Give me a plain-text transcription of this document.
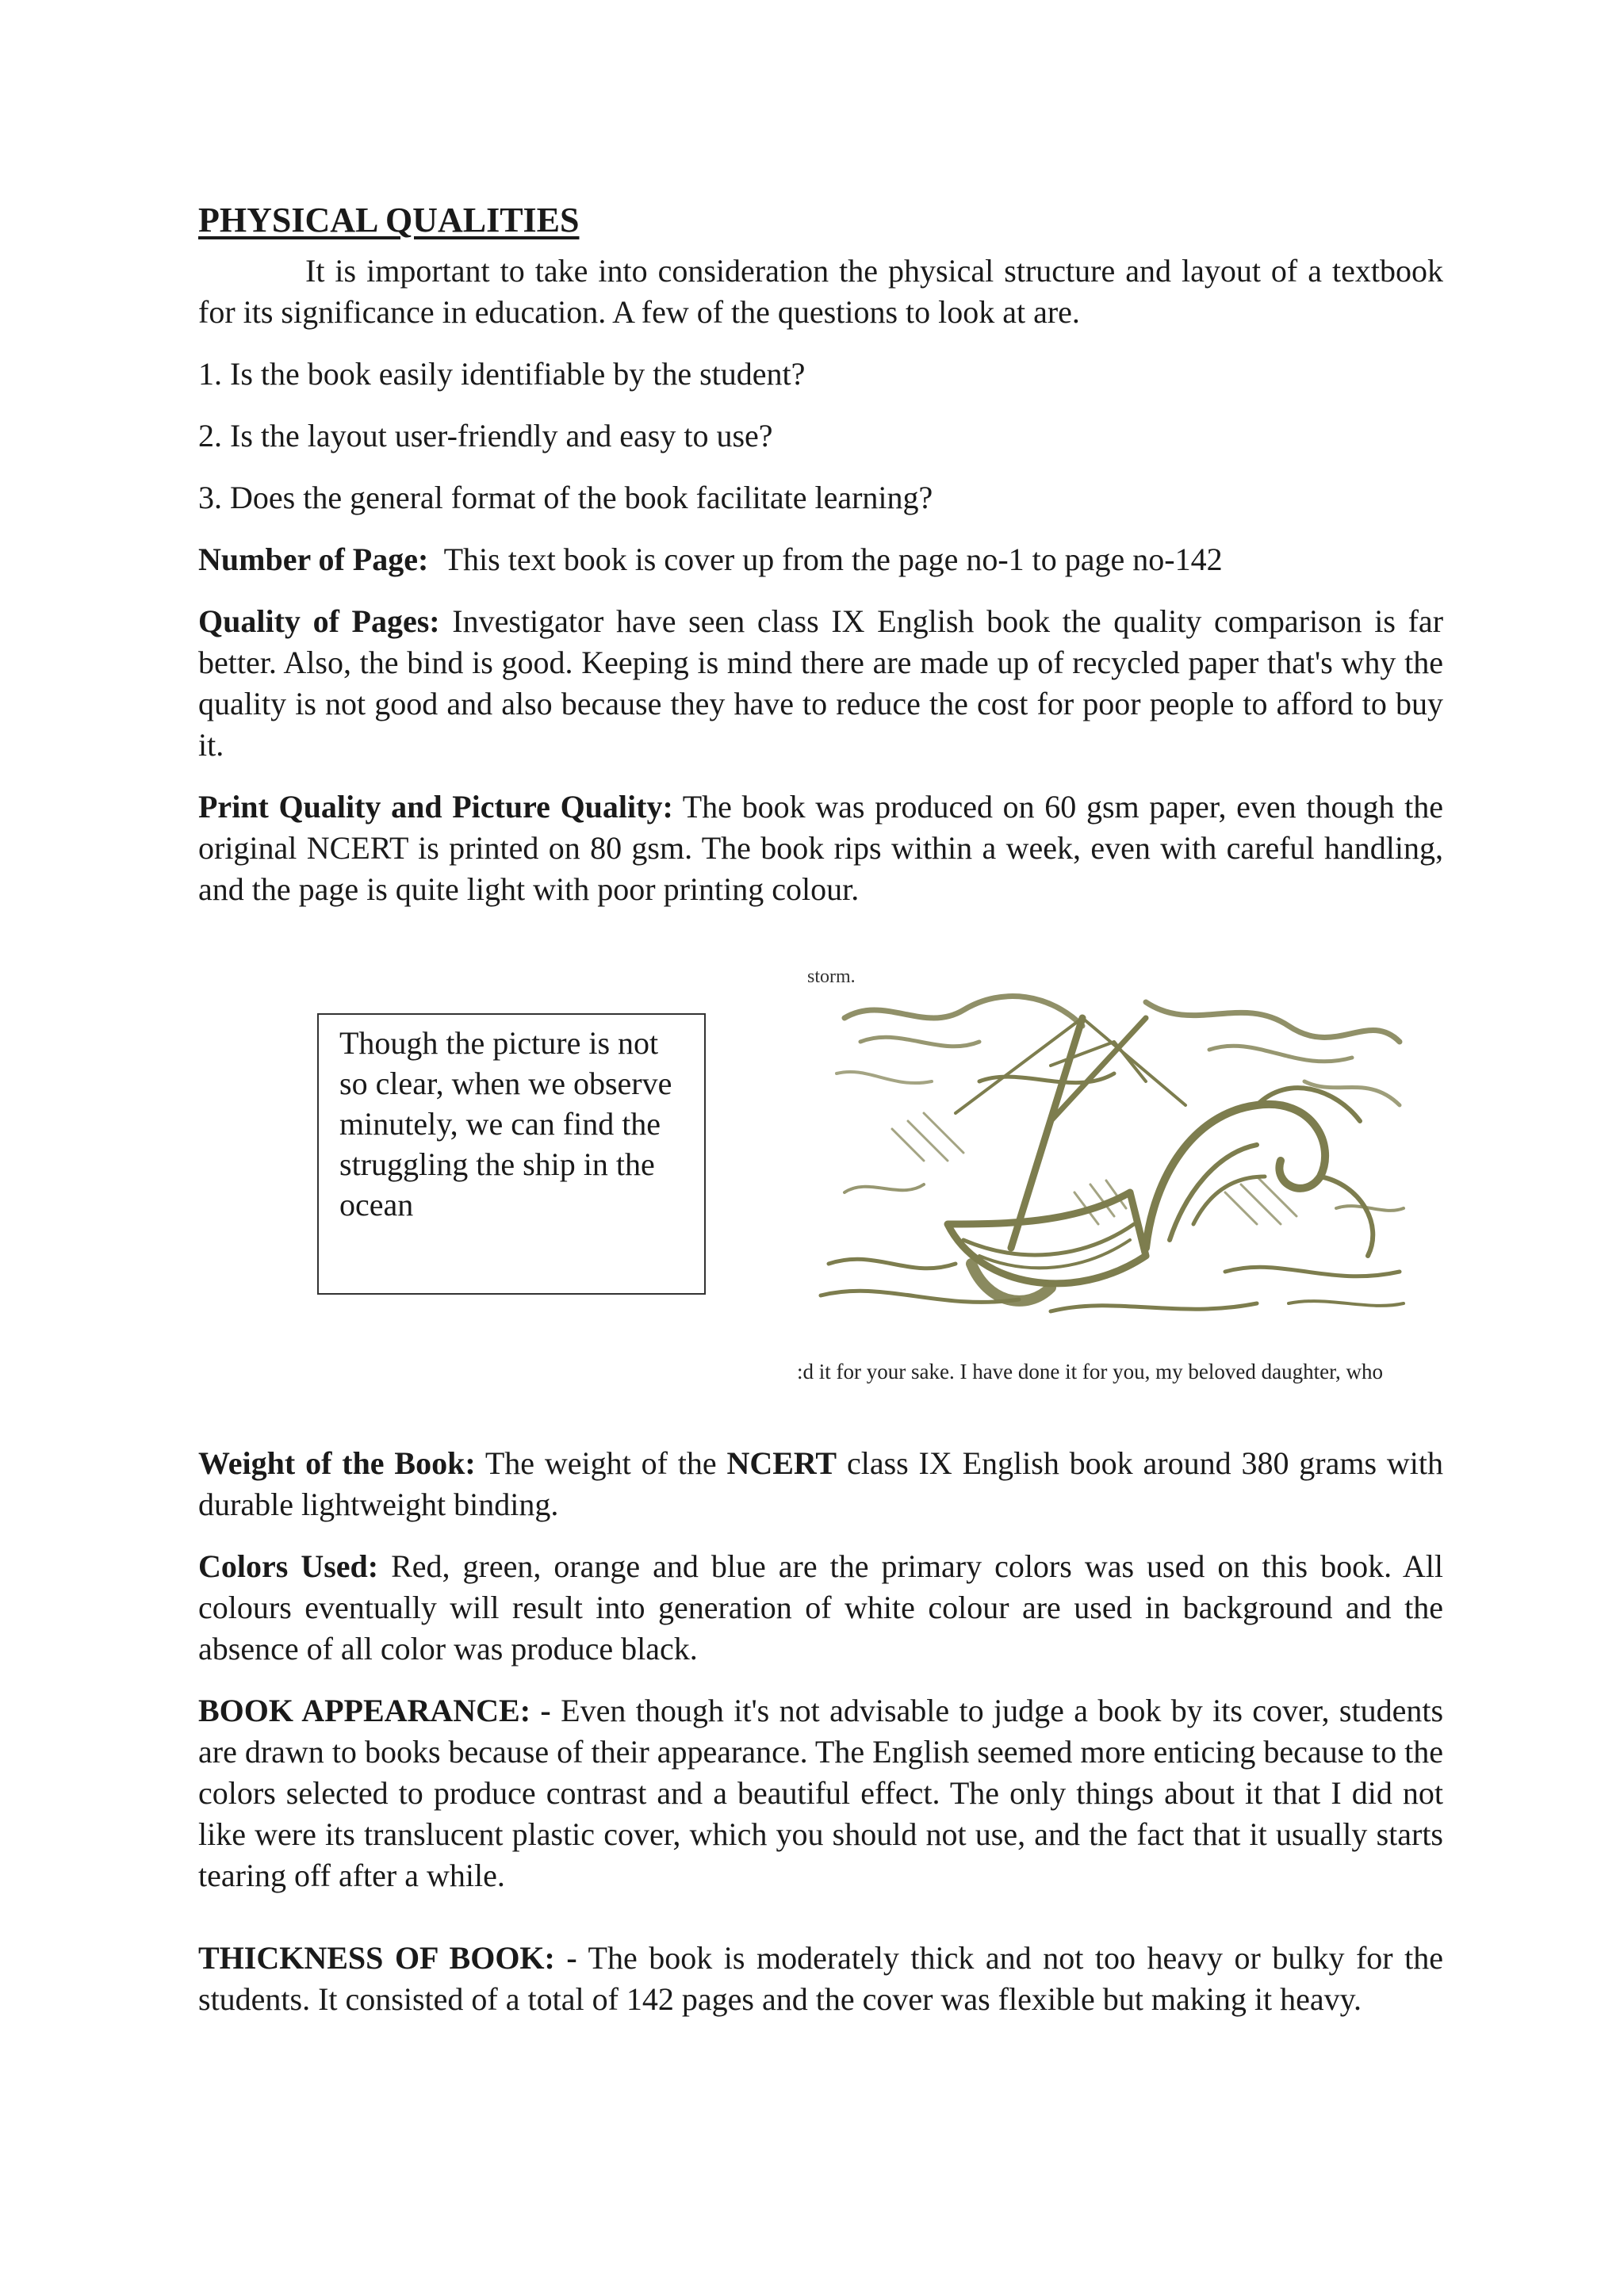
PHYSICAL QUALITIES

It is important to take into consideration the physical structure and layout of a textbook for its significance in education. A few of the questions to look at are.

1. Is the book easily identifiable by the student?

2. Is the layout user-friendly and easy to use?

3. Does the general format of the book facilitate learning?

Number of Page: This text book is cover up from the page no-1 to page no-142

Quality of Pages: Investigator have seen class IX English book the quality comparison is far better. Also, the bind is good. Keeping is mind there are made up of recycled paper that's why the quality is not good and also because they have to reduce the cost for poor people to afford to buy it.

Print Quality and Picture Quality: The book was produced on 60 gsm paper, even though the original NCERT is printed on 80 gsm. The book rips within a week, even with careful handling, and the page is quite light with poor printing colour.

Though the picture is not so clear, when we observe minutely, we can find the struggling the ship in the ocean
storm.
:d it for your sake. I have done it for you, my beloved daughter, who

Weight of the Book: The weight of the NCERT class IX English book around 380 grams with durable lightweight binding.

Colors Used: Red, green, orange and blue are the primary colors was used on this book. All colours eventually will result into generation of white colour are used in background and the absence of all color was produce black.

BOOK APPEARANCE: - Even though it's not advisable to judge a book by its cover, students are drawn to books because of their appearance. The English seemed more enticing because to the colors selected to produce contrast and a beautiful effect. The only things about it that I did not like were its translucent plastic cover, which you should not use, and the fact that it usually starts tearing off after a while.

THICKNESS OF BOOK: - The book is moderately thick and not too heavy or bulky for the students. It consisted of a total of 142 pages and the cover was flexible but making it heavy.
